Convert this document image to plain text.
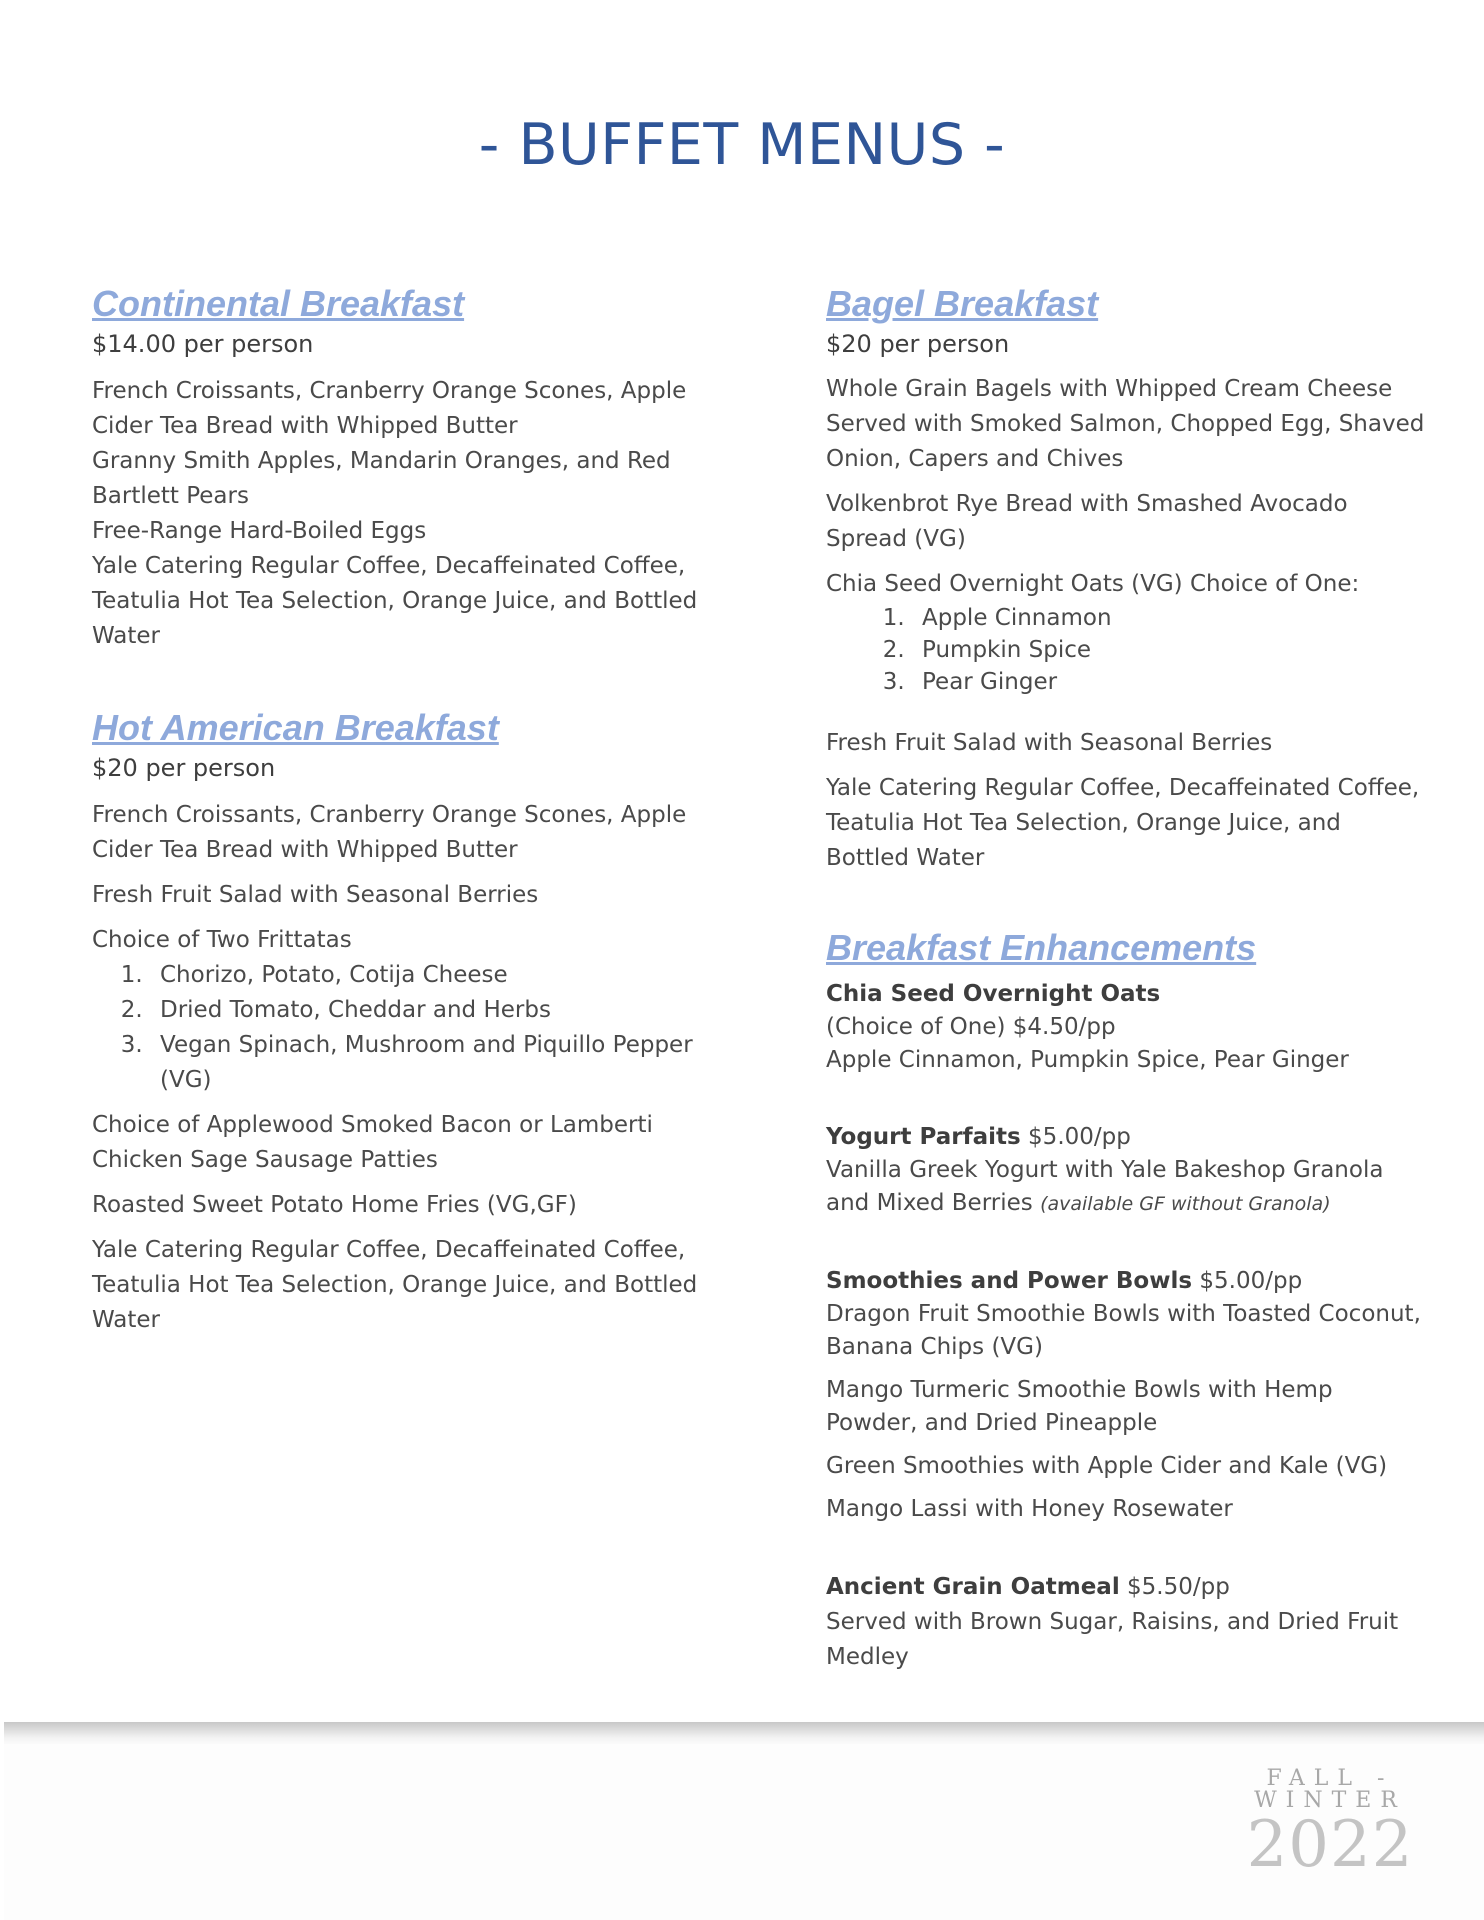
- BUFFET MENUS -
Continental Breakfast

$14.00 per person

French Croissants, Cranberry Orange Scones, Apple Cider Tea Bread with Whipped Butter

Granny Smith Apples, Mandarin Oranges, and Red Bartlett Pears

Free-Range Hard-Boiled Eggs

Yale Catering Regular Coffee, Decaffeinated Coffee, Teatulia Hot Tea Selection, Orange Juice, and Bottled Water

Hot American Breakfast

$20 per person

French Croissants, Cranberry Orange Scones, Apple Cider Tea Bread with Whipped Butter

Fresh Fruit Salad with Seasonal Berries

Choice of Two Frittatas

1. Chorizo, Potato, Cotija Cheese
2. Dried Tomato, Cheddar and Herbs
3. Vegan Spinach, Mushroom and Piquillo Pepper (VG)

Choice of Applewood Smoked Bacon or Lamberti Chicken Sage Sausage Patties

Roasted Sweet Potato Home Fries (VG,GF)

Yale Catering Regular Coffee, Decaffeinated Coffee, Teatulia Hot Tea Selection, Orange Juice, and Bottled Water

Bagel Breakfast

$20 per person

Whole Grain Bagels with Whipped Cream Cheese Served with Smoked Salmon, Chopped Egg, Shaved Onion, Capers and Chives

Volkenbrot Rye Bread with Smashed Avocado Spread (VG)

Chia Seed Overnight Oats (VG) Choice of One:

1. Apple Cinnamon
2. Pumpkin Spice
3. Pear Ginger

Fresh Fruit Salad with Seasonal Berries

Yale Catering Regular Coffee, Decaffeinated Coffee, Teatulia Hot Tea Selection, Orange Juice, and Bottled Water

Breakfast Enhancements

Chia Seed Overnight Oats

(Choice of One) $4.50/pp

Apple Cinnamon, Pumpkin Spice, Pear Ginger

Yogurt Parfaits $5.00/pp

Vanilla Greek Yogurt with Yale Bakeshop Granola and Mixed Berries (available GF without Granola)

Smoothies and Power Bowls $5.00/pp

Dragon Fruit Smoothie Bowls with Toasted Coconut, Banana Chips (VG)

Mango Turmeric Smoothie Bowls with Hemp Powder, and Dried Pineapple

Green Smoothies with Apple Cider and Kale (VG)

Mango Lassi with Honey Rosewater

Ancient Grain Oatmeal $5.50/pp

Served with Brown Sugar, Raisins, and Dried Fruit Medley

FALL -
WINTER
2022
